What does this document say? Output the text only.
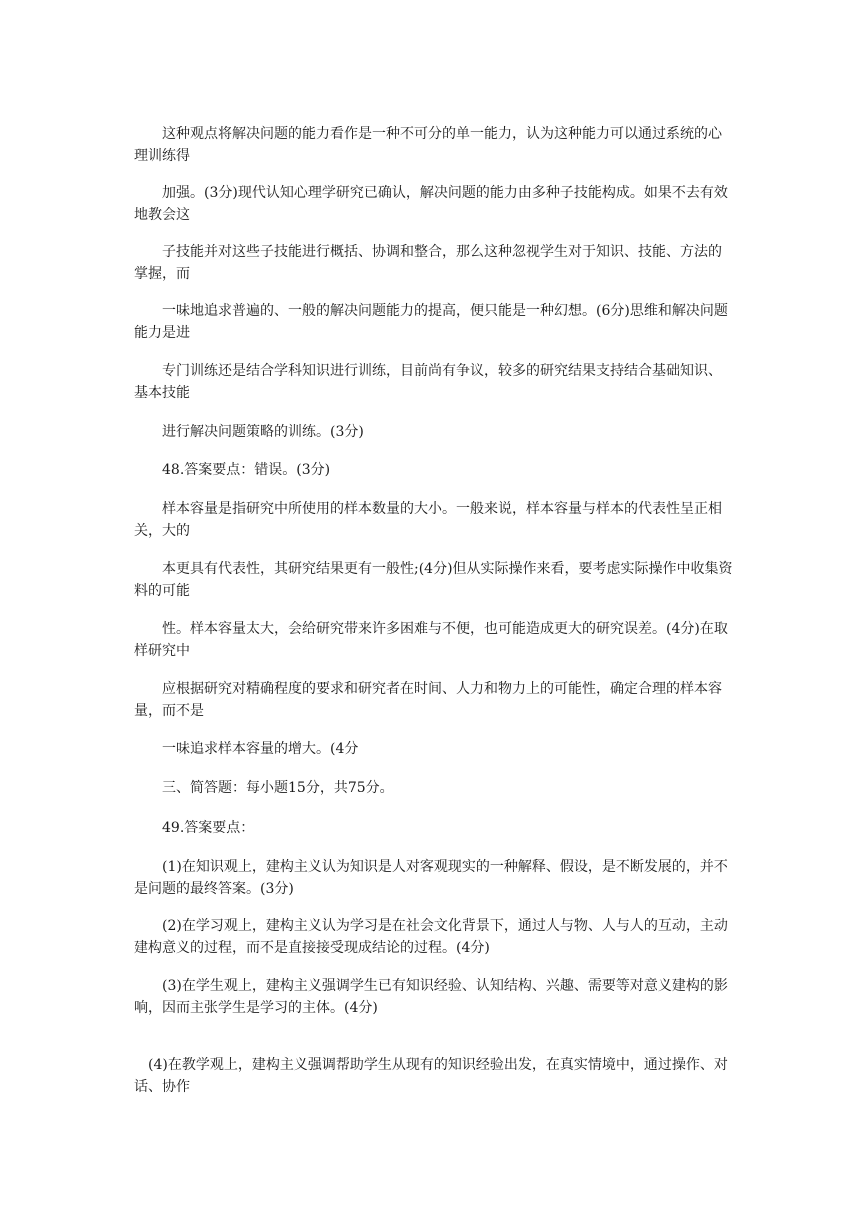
这种观点将解决问题的能力看作是一种不可分的单一能力，认为这种能力可以通过系统的心理训练得

加强。(3分)现代认知心理学研究已确认，解决问题的能力由多种子技能构成。如果不去有效地教会这

子技能并对这些子技能进行概括、协调和整合，那么这种忽视学生对于知识、技能、方法的掌握，而

一味地追求普遍的、一般的解决问题能力的提高，便只能是一种幻想。(6分)思维和解决问题能力是进

专门训练还是结合学科知识进行训练，目前尚有争议，较多的研究结果支持结合基础知识、基本技能

进行解决问题策略的训练。(3分)

48.答案要点：错误。(3分)

样本容量是指研究中所使用的样本数量的大小。一般来说，样本容量与样本的代表性呈正相关，大的

本更具有代表性，其研究结果更有一般性;(4分)但从实际操作来看，要考虑实际操作中收集资料的可能

性。样本容量太大，会给研究带来许多困难与不便，也可能造成更大的研究误差。(4分)在取样研究中

应根据研究对精确程度的要求和研究者在时间、人力和物力上的可能性，确定合理的样本容量，而不是

一味追求样本容量的增大。(4分

三、简答题：每小题15分，共75分。

49.答案要点：

(1)在知识观上，建构主义认为知识是人对客观现实的一种解释、假设，是不断发展的，并不是问题的最终答案。(3分)

(2)在学习观上，建构主义认为学习是在社会文化背景下，通过人与物、人与人的互动，主动建构意义的过程，而不是直接接受现成结论的过程。(4分)

(3)在学生观上，建构主义强调学生已有知识经验、认知结构、兴趣、需要等对意义建构的影响，因而主张学生是学习的主体。(4分)

(4)在教学观上，建构主义强调帮助学生从现有的知识经验出发，在真实情境中，通过操作、对话、协作
